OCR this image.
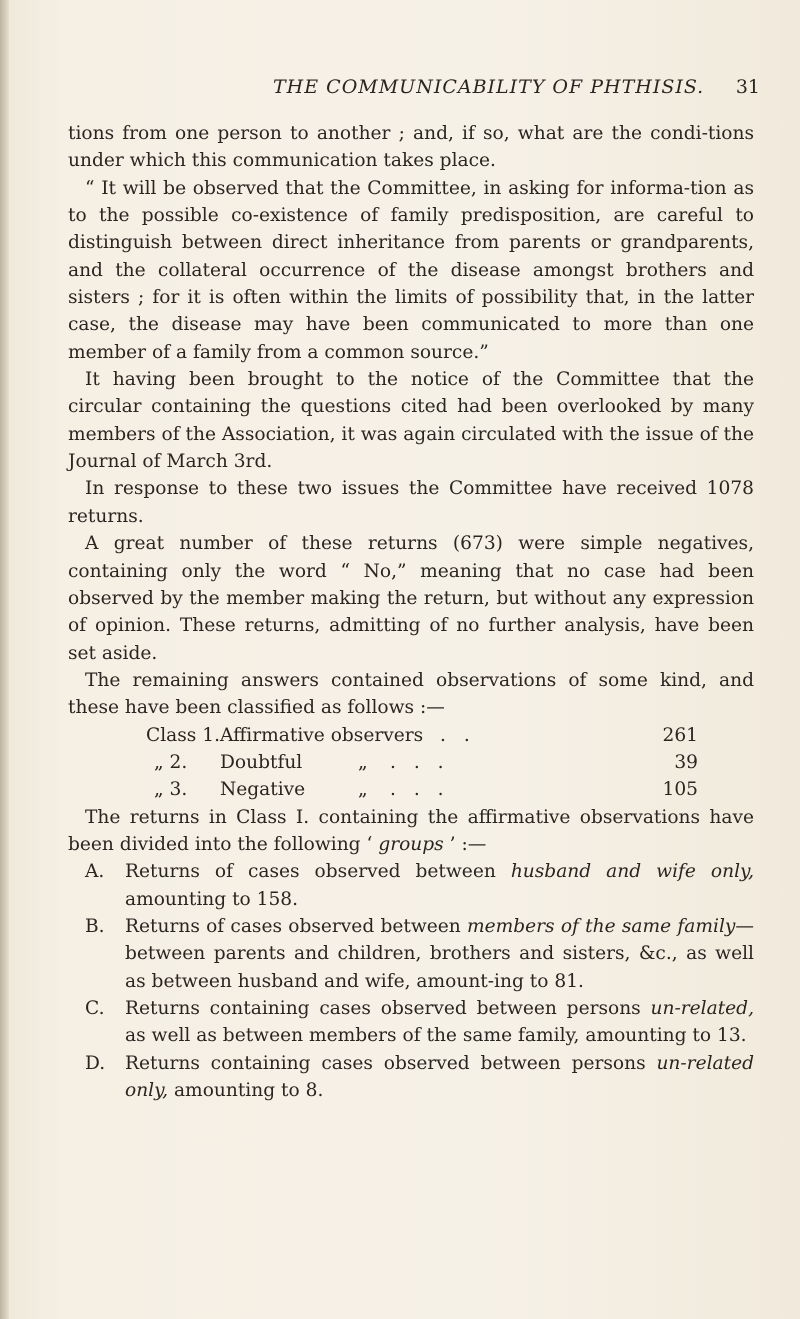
THE COMMUNICABILITY OF PHTHISIS. 31

tions from one person to another ; and, if so, what are the condi-tions under which this communication takes place.

“ It will be observed that the Committee, in asking for informa-tion as to the possible co-existence of family predisposition, are careful to distinguish between direct inheritance from parents or grandparents, and the collateral occurrence of the disease amongst brothers and sisters ; for it is often within the limits of possibility that, in the latter case, the disease may have been communicated to more than one member of a family from a common source.”

It having been brought to the notice of the Committee that the circular containing the questions cited had been overlooked by many members of the Association, it was again circulated with the issue of the Journal of March 3rd.

In response to these two issues the Committee have received 1078 returns.

A great number of these returns (673) were simple negatives, containing only the word “ No,” meaning that no case had been observed by the member making the return, but without any expression of opinion. These returns, admitting of no further analysis, have been set aside.

The remaining answers contained observations of some kind, and these have been classified as follows :—

Class 1. Affirmative observers . .	261
„ 2. Doubtful	„ . . .	39
„ 3. Negative	„ . . .	105

The returns in Class I. containing the affirmative observations have been divided into the following ‘ groups ’ :—

A. Returns of cases observed between husband and wife only, amounting to 158.
B. Returns of cases observed between members of the same family—between parents and children, brothers and sisters, &c., as well as between husband and wife, amount-ing to 81.
C. Returns containing cases observed between persons un-related, as well as between members of the same family, amounting to 13.
D. Returns containing cases observed between persons un-related only, amounting to 8.
